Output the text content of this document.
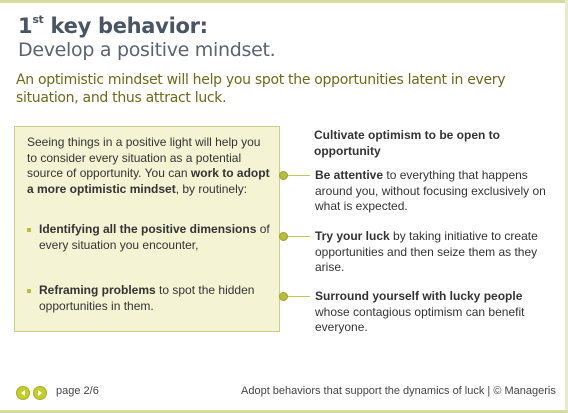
1st key behavior:
Develop a positive mindset.
An optimistic mindset will help you spot the opportunities latent in every situation, and thus attract luck.

Seeing things in a positive light will help you to consider every situation as a potential source of opportunity. You can work to adopt a more optimistic mindset, by routinely:

Identifying all the positive dimensions of every situation you encounter,
Reframing problems to spot the hidden opportunities in them.
Cultivate optimism to be open to opportunity
Be attentive to everything that happens around you, without focusing exclusively on what is expected.
Try your luck by taking initiative to create opportunities and then seize them as they arise.
Surround yourself with lucky people whose contagious optimism can benefit everyone.
page 2/6	Adopt behaviors that support the dynamics of luck | © Manageris
